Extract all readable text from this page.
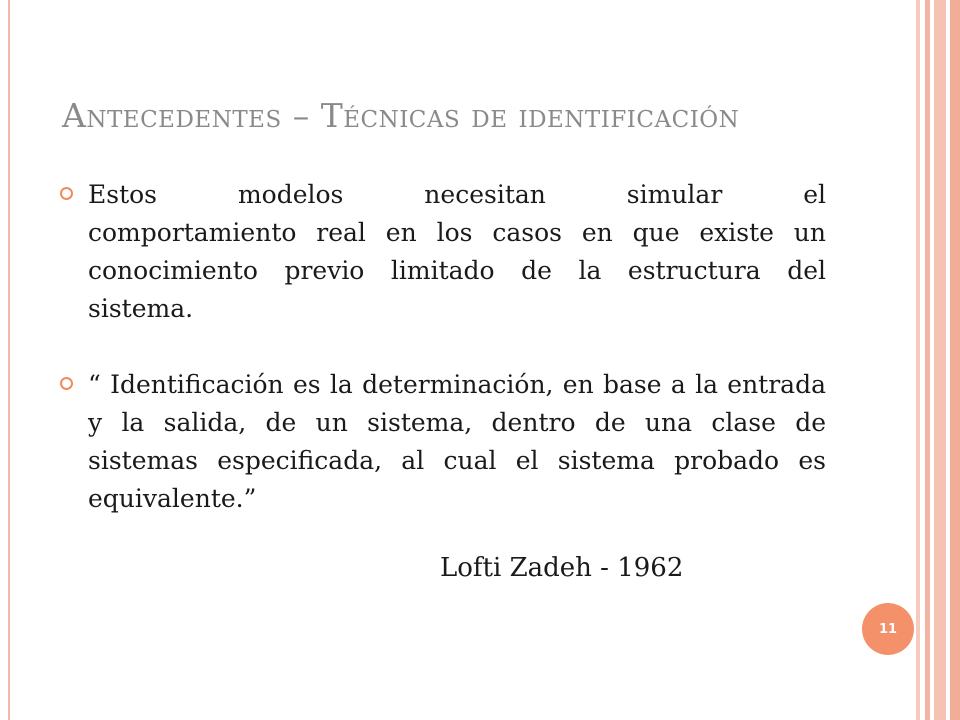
Antecedentes – Técnicas de identificación
Estos	modelos	necesitan	simular	el
comportamiento real en los casos en que existe un conocimiento previo limitado de la estructura del sistema.
“ Identificación es la determinación, en base a la entrada y la salida, de un sistema, dentro de una clase de sistemas especificada, al cual el sistema probado es equivalente.”

Lofti Zadeh - 1962

11
